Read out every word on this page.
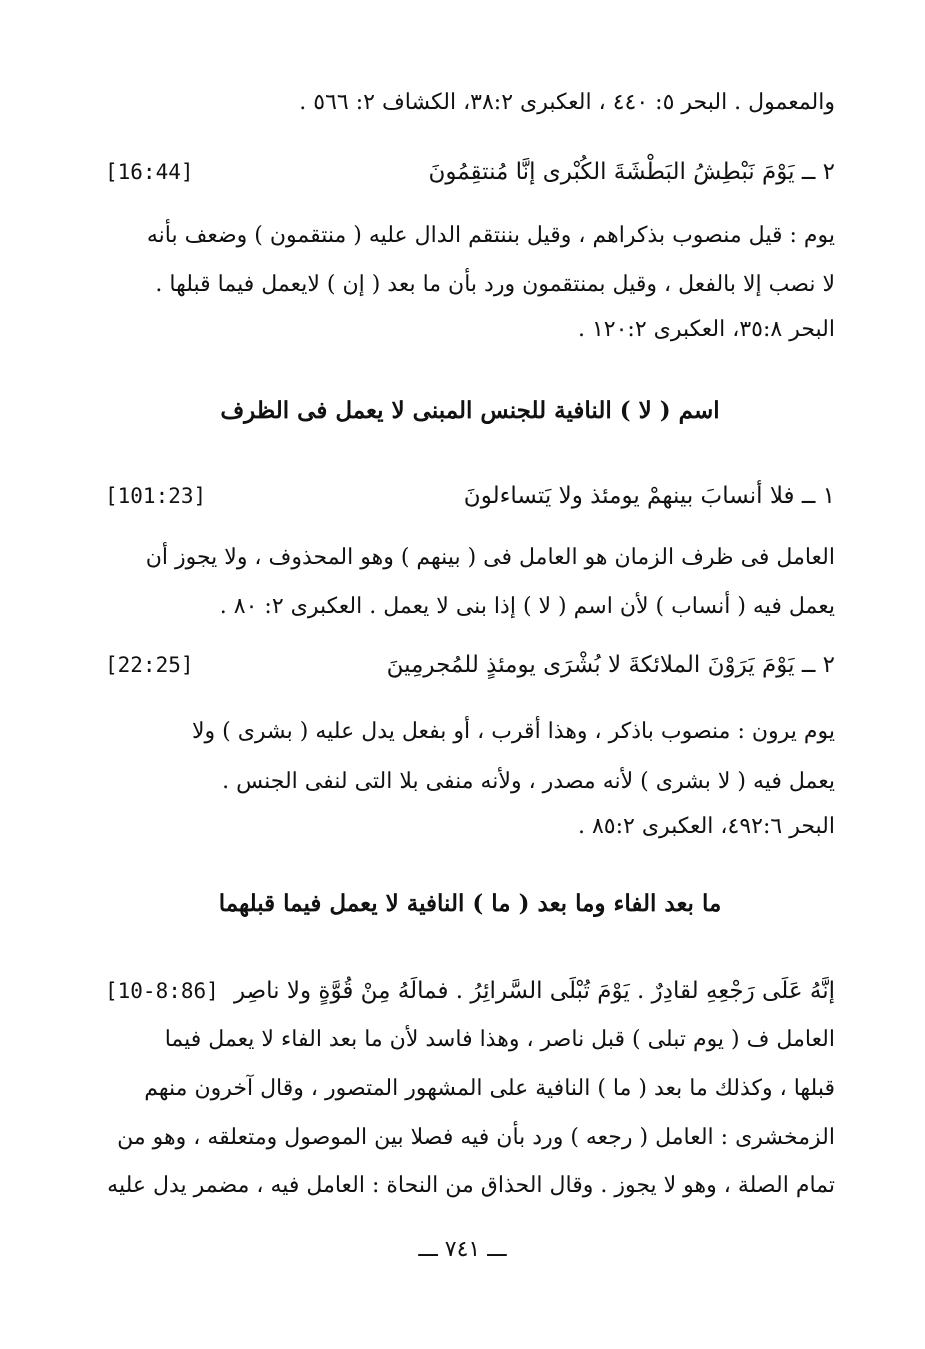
والمعمول . البحر ٥: ٤٤٠ ، العكبرى ٣٨:٢، الكشاف ٢: ٥٦٦ .
٢ ــ يَوْمَ نَبْطِشُ البَطْشَةَ الكُبْرى إنَّا مُنتقِمُونَ
[16:44]
يوم : قيل منصوب بذكراهم ، وقيل بننتقم الدال عليه ( منتقمون ) وضعف بأنه
لا نصب إلا بالفعل ، وقيل بمنتقمون ورد بأن ما بعد ( إن ) لايعمل فيما قبلها .
البحر ٣٥:٨، العكبرى ١٢٠:٢ .
اسم ( لا ) النافية للجنس المبنى لا يعمل فى الظرف
١ ــ فلا أنسابَ بينهمْ يومئذ ولا يَتساءلونَ
[101:23]
العامل فى ظرف الزمان هو العامل فى ( بينهم ) وهو المحذوف ، ولا يجوز أن
يعمل فيه ( أنساب ) لأن اسم ( لا ) إذا بنى لا يعمل . العكبرى ٢: ٨٠ .
٢ ــ يَوْمَ يَرَوْنَ الملائكةَ لا بُشْرَى يومئذٍ للمُجرمِينَ
[22:25]
يوم يرون : منصوب باذكر ، وهذا أقرب ، أو بفعل يدل عليه ( بشرى ) ولا
يعمل فيه ( لا بشرى ) لأنه مصدر ، ولأنه منفى بلا التى لنفى الجنس .
البحر ٤٩٢:٦، العكبرى ٨٥:٢ .
ما بعد الفاء وما بعد ( ما ) النافية لا يعمل فيما قبلهما
إنَّهُ عَلَى رَجْعِهِ لقادِرٌ . يَوْمَ تُبْلَى السَّرائِرُ . فمالَهُ مِنْ قُوَّةٍ ولا ناصِر
[10-8:86]
العامل ف ( يوم تبلى ) قبل ناصر ، وهذا فاسد لأن ما بعد الفاء لا يعمل فيما
قبلها ، وكذلك ما بعد ( ما ) النافية على المشهور المتصور ، وقال آخرون منهم
الزمخشرى : العامل ( رجعه ) ورد بأن فيه فصلا بين الموصول ومتعلقه ، وهو من
تمام الصلة ، وهو لا يجوز . وقال الحذاق من النحاة : العامل فيه ، مضمر يدل عليه
ـــ ٧٤١ ـــ
